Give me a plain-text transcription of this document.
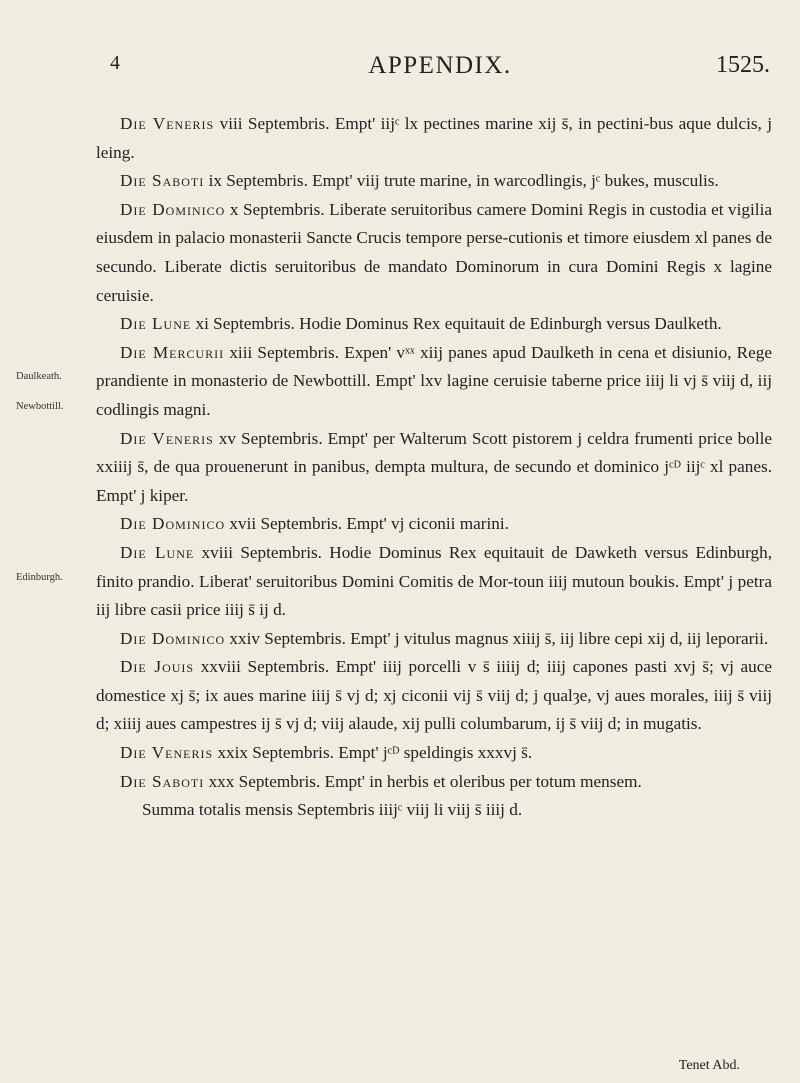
4	APPENDIX.	1525.
Daulkeath.
Newbottill.
Edinburgh.

Die Veneris viii Septembris. Empt' iijᶜ lx pectines marine xij s̄, in pectini-bus aque dulcis, j leing.

Die Saboti ix Septembris. Empt' viij trute marine, in warcodlingis, jᶜ bukes, musculis.

Die Dominico x Septembris. Liberate seruitoribus camere Domini Regis in custodia et vigilia eiusdem in palacio monasterii Sancte Crucis tempore perse-cutionis et timore eiusdem xl panes de secundo. Liberate dictis seruitoribus de mandato Dominorum in cura Domini Regis x lagine ceruisie.

Die Lune xi Septembris. Hodie Dominus Rex equitauit de Edinburgh versus Daulketh.

Die Mercurii xiii Septembris. Expen' vˣˣ xiij panes apud Daulketh in cena et disiunio, Rege prandiente in monasterio de Newbottill. Empt' lxv lagine ceruisie taberne price iiij li vj s̄ viij d, iij codlingis magni.

Die Veneris xv Septembris. Empt' per Walterum Scott pistorem j celdra frumenti price bolle xxiiij s̄, de qua prouenerunt in panibus, dempta multura, de secundo et dominico jᶜᴰ iijᶜ xl panes. Empt' j kiper.

Die Dominico xvii Septembris. Empt' vj ciconii marini.

Die Lune xviii Septembris. Hodie Dominus Rex equitauit de Dawketh versus Edinburgh, finito prandio. Liberat' seruitoribus Domini Comitis de Mor-toun iiij mutoun boukis. Empt' j petra iij libre casii price iiij s̄ ij d.

Die Dominico xxiv Septembris. Empt' j vitulus magnus xiiij s̄, iij libre cepi xij d, iij leporarii.

Die Jouis xxviii Septembris. Empt' iiij porcelli v s̄ iiiij d; iiij capones pasti xvj s̄; vj auce domestice xj s̄; ix aues marine iiij s̄ vj d; xj ciconii vij s̄ viij d; j qualȝe, vj aues morales, iiij s̄ viij d; xiiij aues campestres ij s̄ vj d; viij alaude, xij pulli columbarum, ij s̄ viij d; in mugatis.

Die Veneris xxix Septembris. Empt' jᶜᴰ speldingis xxxvj s̄.

Die Saboti xxx Septembris. Empt' in herbis et oleribus per totum mensem.

Summa totalis mensis Septembris iiijᶜ viij li viij s̄ iiij d.

Tenet Abd.
